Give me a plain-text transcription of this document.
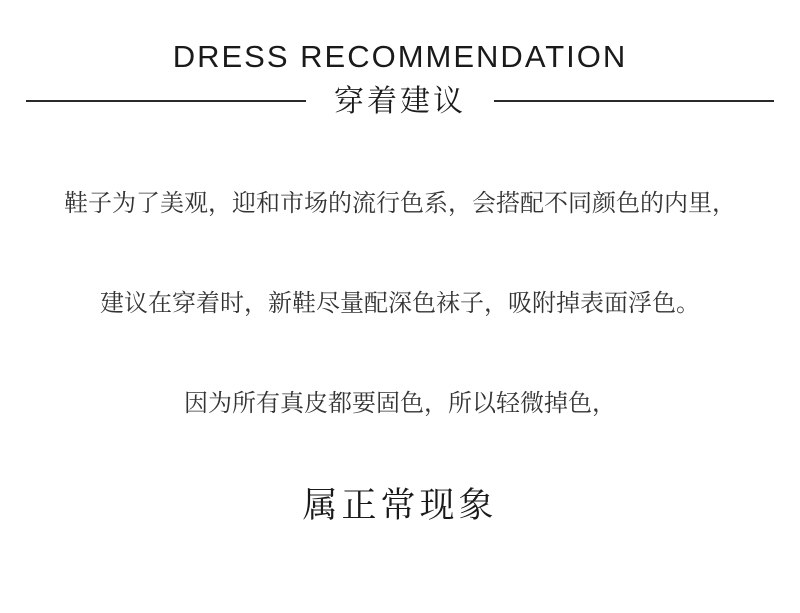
DRESS RECOMMENDATION
穿着建议

鞋子为了美观，迎和市场的流行色系，会搭配不同颜色的内里，

建议在穿着时，新鞋尽量配深色袜子，吸附掉表面浮色。

因为所有真皮都要固色，所以轻微掉色，

属正常现象
